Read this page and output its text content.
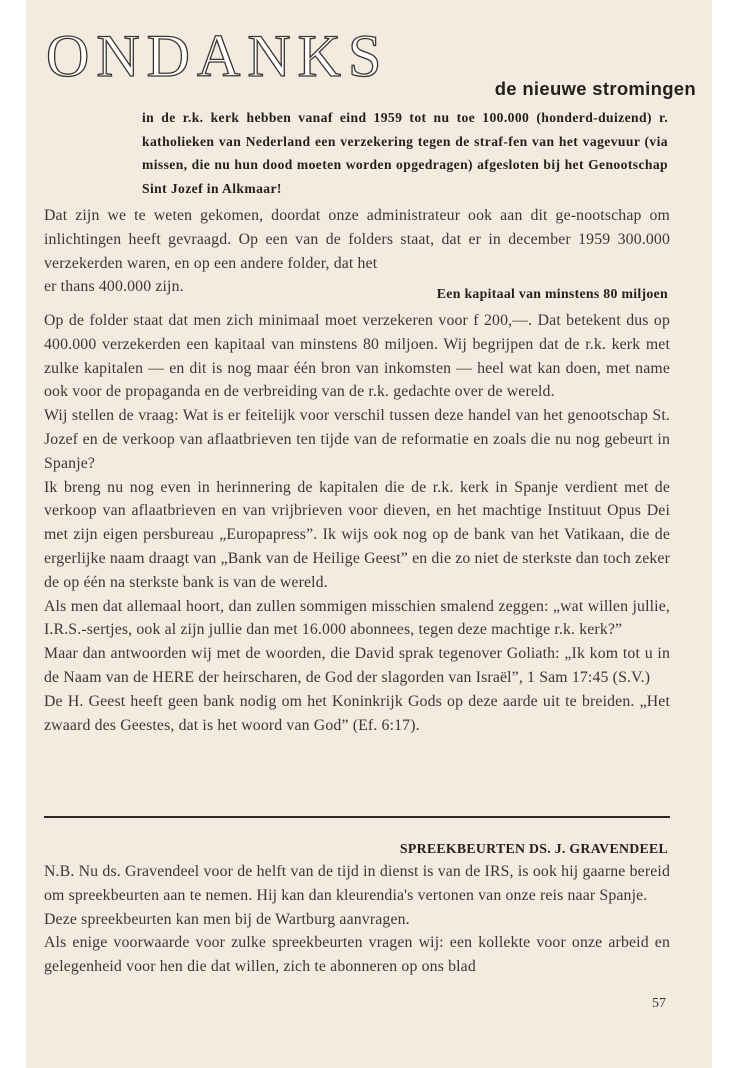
ONDANKS	de nieuwe stromingen
in de r.k. kerk hebben vanaf eind 1959 tot nu toe 100.000 (honderd-duizend) r. katholieken van Nederland een verzekering tegen de straf-fen van het vagevuur (via missen, die nu hun dood moeten worden opgedragen) afgesloten bij het Genootschap Sint Jozef in Alkmaar!
Dat zijn we te weten gekomen, doordat onze administrateur ook aan dit ge-nootschap om inlichtingen heeft gevraagd. Op een van de folders staat, dat er in december 1959 300.000 verzekerden waren, en op een andere folder, dat het
er thans 400.000 zijn.	Een kapitaal van minstens 80 miljoen

Op de folder staat dat men zich minimaal moet verzekeren voor f 200,—. Dat betekent dus op 400.000 verzekerden een kapitaal van minstens 80 miljoen. Wij begrijpen dat de r.k. kerk met zulke kapitalen — en dit is nog maar één bron van inkomsten — heel wat kan doen, met name ook voor de propaganda en de verbreiding van de r.k. gedachte over de wereld.

Wij stellen de vraag: Wat is er feitelijk voor verschil tussen deze handel van het genootschap St. Jozef en de verkoop van aflaatbrieven ten tijde van de reformatie en zoals die nu nog gebeurt in Spanje?

Ik breng nu nog even in herinnering de kapitalen die de r.k. kerk in Spanje verdient met de verkoop van aflaatbrieven en van vrijbrieven voor dieven, en het machtige Instituut Opus Dei met zijn eigen persbureau „Europapress”. Ik wijs ook nog op de bank van het Vatikaan, die de ergerlijke naam draagt van „Bank van de Heilige Geest” en die zo niet de sterkste dan toch zeker de op één na sterkste bank is van de wereld.

Als men dat allemaal hoort, dan zullen sommigen misschien smalend zeggen: „wat willen jullie, I.R.S.-sertjes, ook al zijn jullie dan met 16.000 abonnees, tegen deze machtige r.k. kerk?”

Maar dan antwoorden wij met de woorden, die David sprak tegenover Goliath: „Ik kom tot u in de Naam van de HERE der heirscharen, de God der slagorden van Israël”, 1 Sam 17:45 (S.V.)

De H. Geest heeft geen bank nodig om het Koninkrijk Gods op deze aarde uit te breiden. „Het zwaard des Geestes, dat is het woord van God” (Ef. 6:17).

SPREEKBEURTEN DS. J. GRAVENDEEL

N.B. Nu ds. Gravendeel voor de helft van de tijd in dienst is van de IRS, is ook hij gaarne bereid om spreekbeurten aan te nemen. Hij kan dan kleurendia's vertonen van onze reis naar Spanje.

Deze spreekbeurten kan men bij de Wartburg aanvragen.

Als enige voorwaarde voor zulke spreekbeurten vragen wij: een kollekte voor onze arbeid en gelegenheid voor hen die dat willen, zich te abonneren op ons blad

57
